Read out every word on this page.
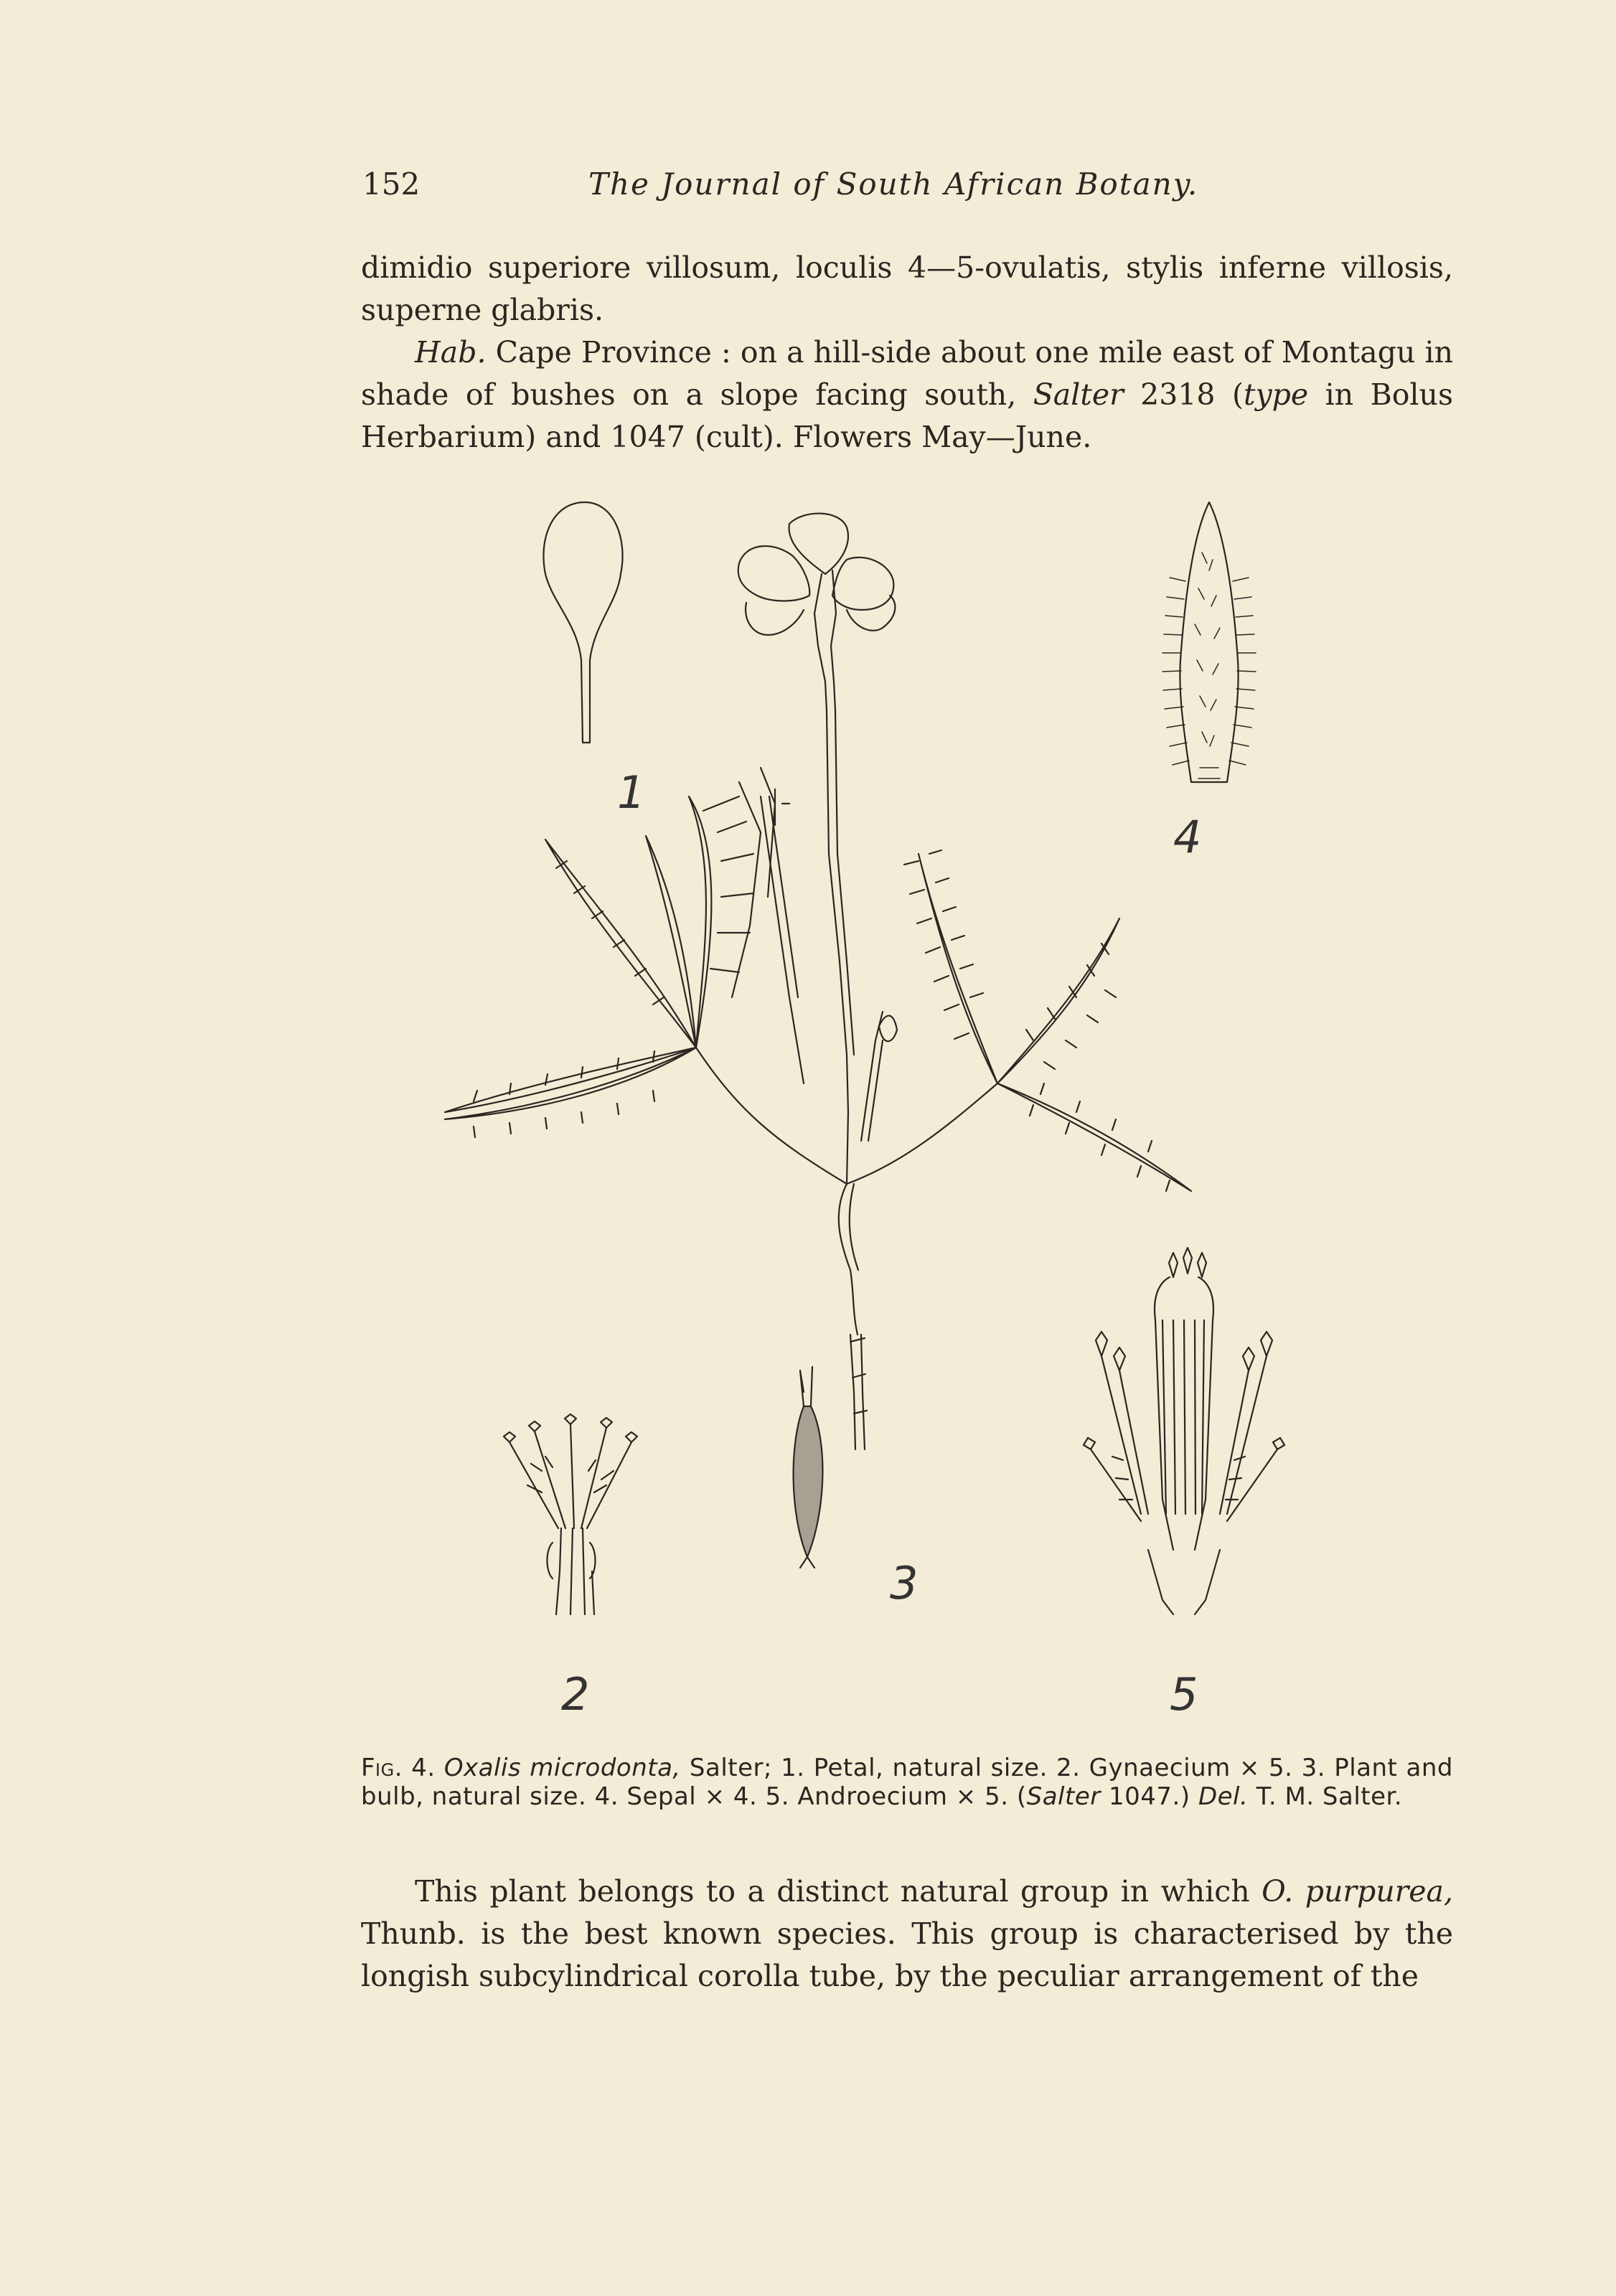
152	The Journal of South African Botany.

dimidio superiore villosum, loculis 4—5-ovulatis, stylis inferne villosis,

superne glabris.

Hab. Cape Province : on a hill-side about one mile east of Montagu in shade of bushes on a slope facing south, Salter 2318 (type in Bolus Herbarium) and 1047 (cult). Flowers May—June.

1
2
3
4
5

Fig. 4. Oxalis microdonta, Salter; 1. Petal, natural size. 2. Gynaecium × 5. 3. Plant and bulb, natural size. 4. Sepal × 4. 5. Androecium × 5. (Salter 1047.) Del. T. M. Salter.

This plant belongs to a distinct natural group in which O. purpurea, Thunb. is the best known species. This group is characterised by the longish subcylindrical corolla tube, by the peculiar arrangement of the
